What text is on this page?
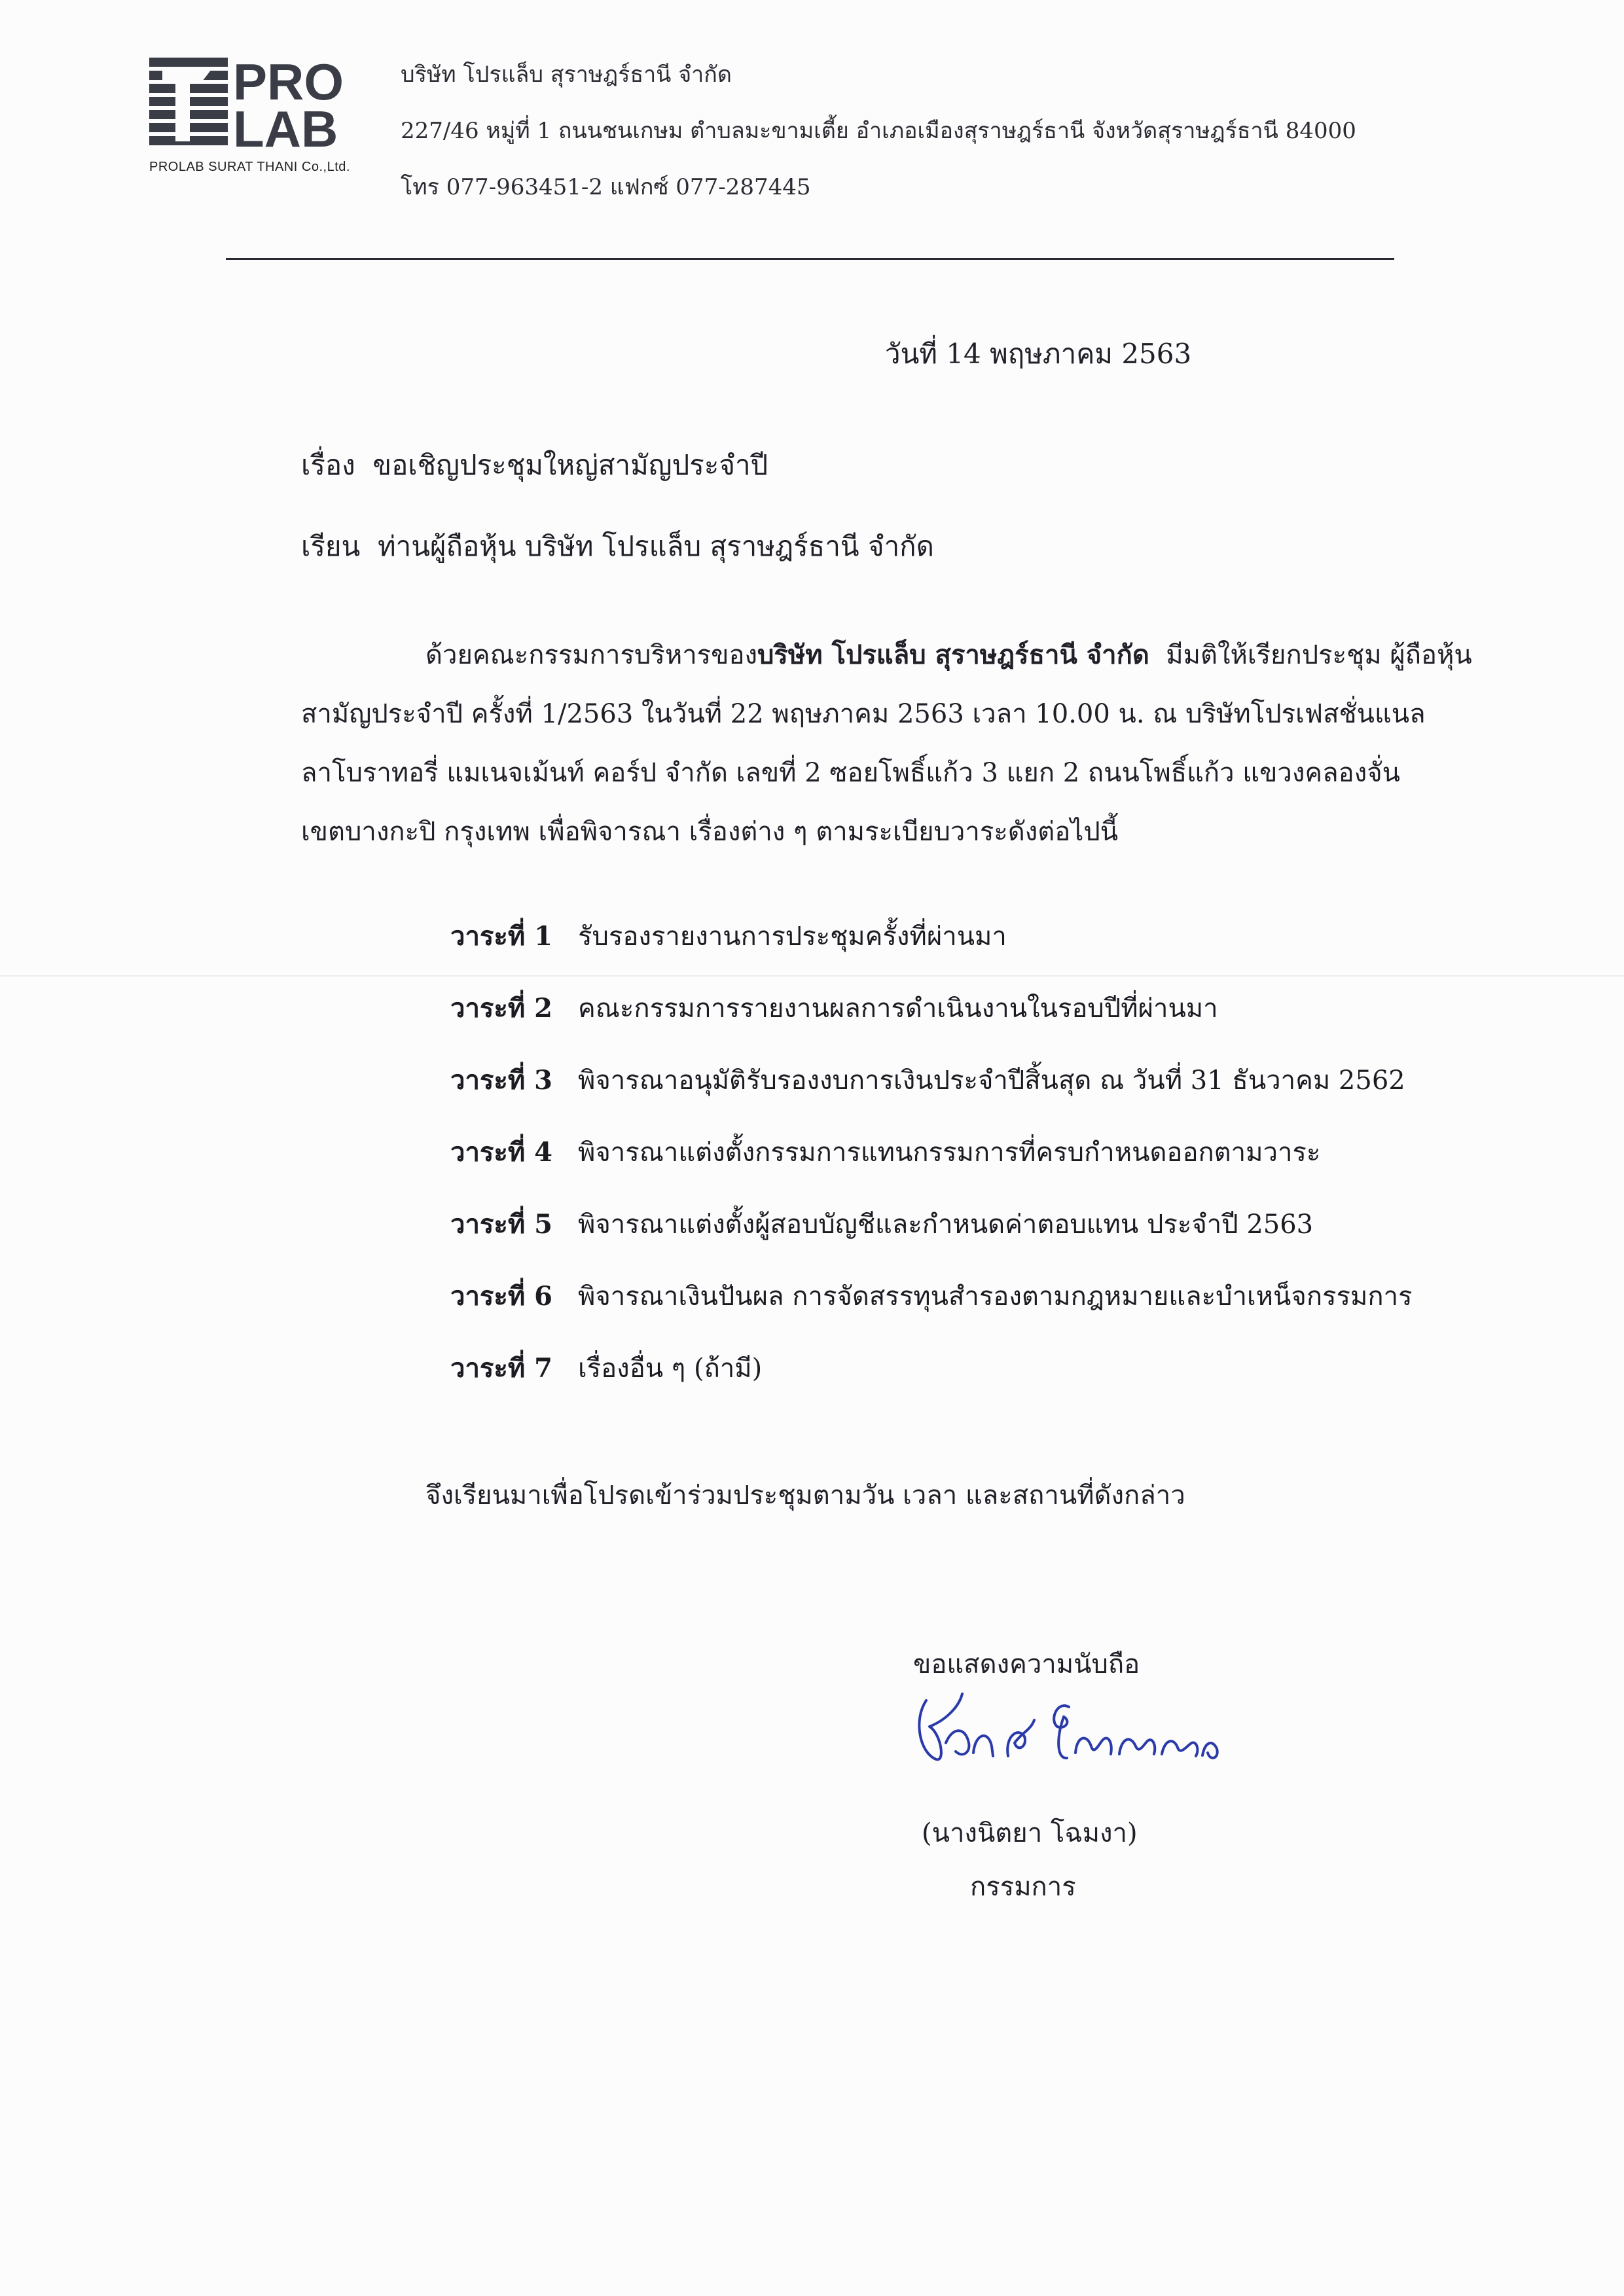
PRO
LAB
PROLAB SURAT THANI Co.,Ltd.
บริษัท โปรแล็บ สุราษฎร์ธานี จำกัด
227/46 หมู่ที่ 1 ถนนชนเกษม ตำบลมะขามเตี้ย อำเภอเมืองสุราษฎร์ธานี จังหวัดสุราษฎร์ธานี 84000
โทร 077-963451-2 แฟกซ์ 077-287445
วันที่ 14 พฤษภาคม 2563
เรื่อง ขอเชิญประชุมใหญ่สามัญประจำปี
เรียน ท่านผู้ถือหุ้น บริษัท โปรแล็บ สุราษฎร์ธานี จำกัด
ด้วยคณะกรรมการบริหารของบริษัท โปรแล็บ สุราษฎร์ธานี จำกัด มีมติให้เรียกประชุม ผู้ถือหุ้น
สามัญประจำปี ครั้งที่ 1/2563 ในวันที่ 22 พฤษภาคม 2563 เวลา 10.00 น. ณ บริษัทโปรเฟสชั่นแนล
ลาโบราทอรี่ แมเนจเม้นท์ คอร์ป จำกัด เลขที่ 2 ซอยโพธิ์แก้ว 3 แยก 2 ถนนโพธิ์แก้ว แขวงคลองจั่น
เขตบางกะปิ กรุงเทพ เพื่อพิจารณา เรื่องต่าง ๆ ตามระเบียบวาระดังต่อไปนี้
วาระที่ 1 รับรองรายงานการประชุมครั้งที่ผ่านมา
วาระที่ 2 คณะกรรมการรายงานผลการดำเนินงานในรอบปีที่ผ่านมา
วาระที่ 3 พิจารณาอนุมัติรับรองงบการเงินประจำปีสิ้นสุด ณ วันที่ 31 ธันวาคม 2562
วาระที่ 4 พิจารณาแต่งตั้งกรรมการแทนกรรมการที่ครบกำหนดออกตามวาระ
วาระที่ 5 พิจารณาแต่งตั้งผู้สอบบัญชีและกำหนดค่าตอบแทน ประจำปี 2563
วาระที่ 6 พิจารณาเงินปันผล การจัดสรรทุนสำรองตามกฎหมายและบำเหน็จกรรมการ
วาระที่ 7 เรื่องอื่น ๆ (ถ้ามี)
จึงเรียนมาเพื่อโปรดเข้าร่วมประชุมตามวัน เวลา และสถานที่ดังกล่าว
ขอแสดงความนับถือ
(นางนิตยา โฉมงา)
กรรมการ
